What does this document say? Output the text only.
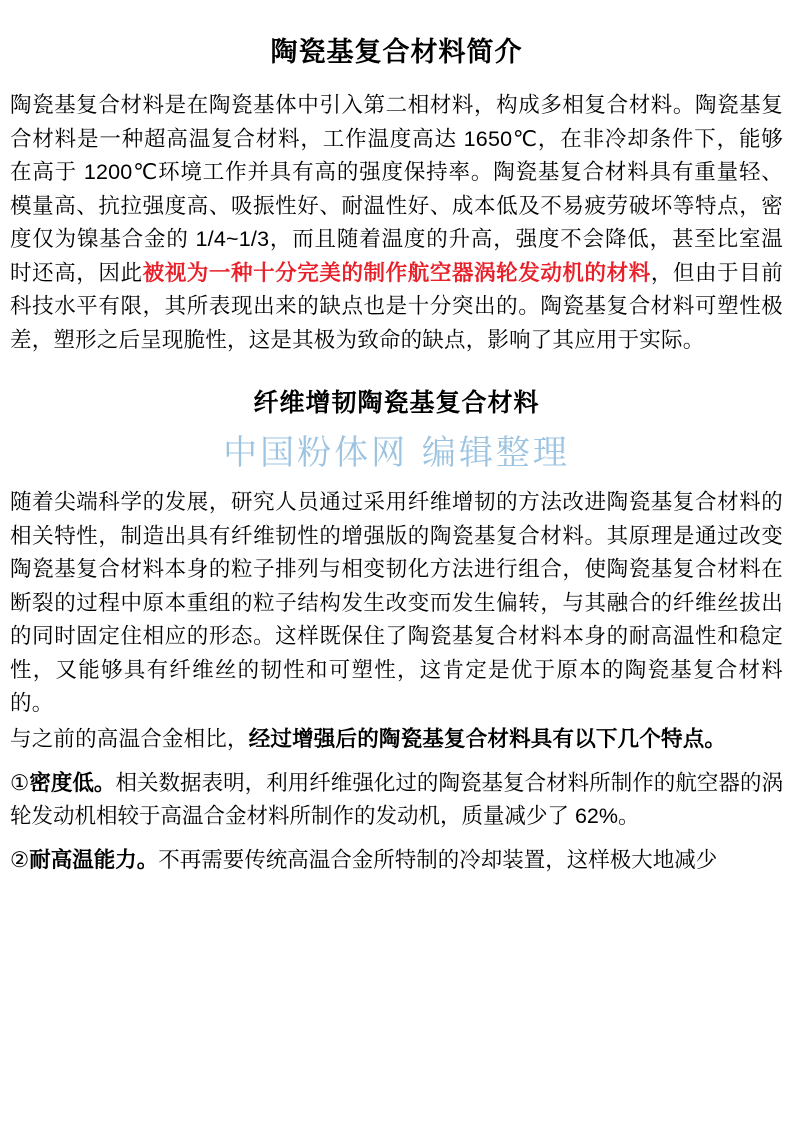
陶瓷基复合材料简介

陶瓷基复合材料是在陶瓷基体中引入第二相材料，构成多相复合材料。陶瓷基复合材料是一种超高温复合材料，工作温度高达 1650℃，在非冷却条件下，能够在高于 1200℃环境工作并具有高的强度保持率。陶瓷基复合材料具有重量轻、模量高、抗拉强度高、吸振性好、耐温性好、成本低及不易疲劳破坏等特点，密度仅为镍基合金的 1/4~1/3，而且随着温度的升高，强度不会降低，甚至比室温时还高，因此被视为一种十分完美的制作航空器涡轮发动机的材料，但由于目前科技水平有限，其所表现出来的缺点也是十分突出的。陶瓷基复合材料可塑性极差，塑形之后呈现脆性，这是其极为致命的缺点，影响了其应用于实际。

纤维增韧陶瓷基复合材料
中国粉体网 编辑整理

随着尖端科学的发展，研究人员通过采用纤维增韧的方法改进陶瓷基复合材料的相关特性，制造出具有纤维韧性的增强版的陶瓷基复合材料。其原理是通过改变陶瓷基复合材料本身的粒子排列与相变韧化方法进行组合，使陶瓷基复合材料在断裂的过程中原本重组的粒子结构发生改变而发生偏转，与其融合的纤维丝拔出的同时固定住相应的形态。这样既保住了陶瓷基复合材料本身的耐高温性和稳定性，又能够具有纤维丝的韧性和可塑性，这肯定是优于原本的陶瓷基复合材料的。

与之前的高温合金相比，经过增强后的陶瓷基复合材料具有以下几个特点。

①密度低。相关数据表明，利用纤维强化过的陶瓷基复合材料所制作的航空器的涡轮发动机相较于高温合金材料所制作的发动机，质量减少了 62%。

②耐高温能力。不再需要传统高温合金所特制的冷却装置，这样极大地减少
